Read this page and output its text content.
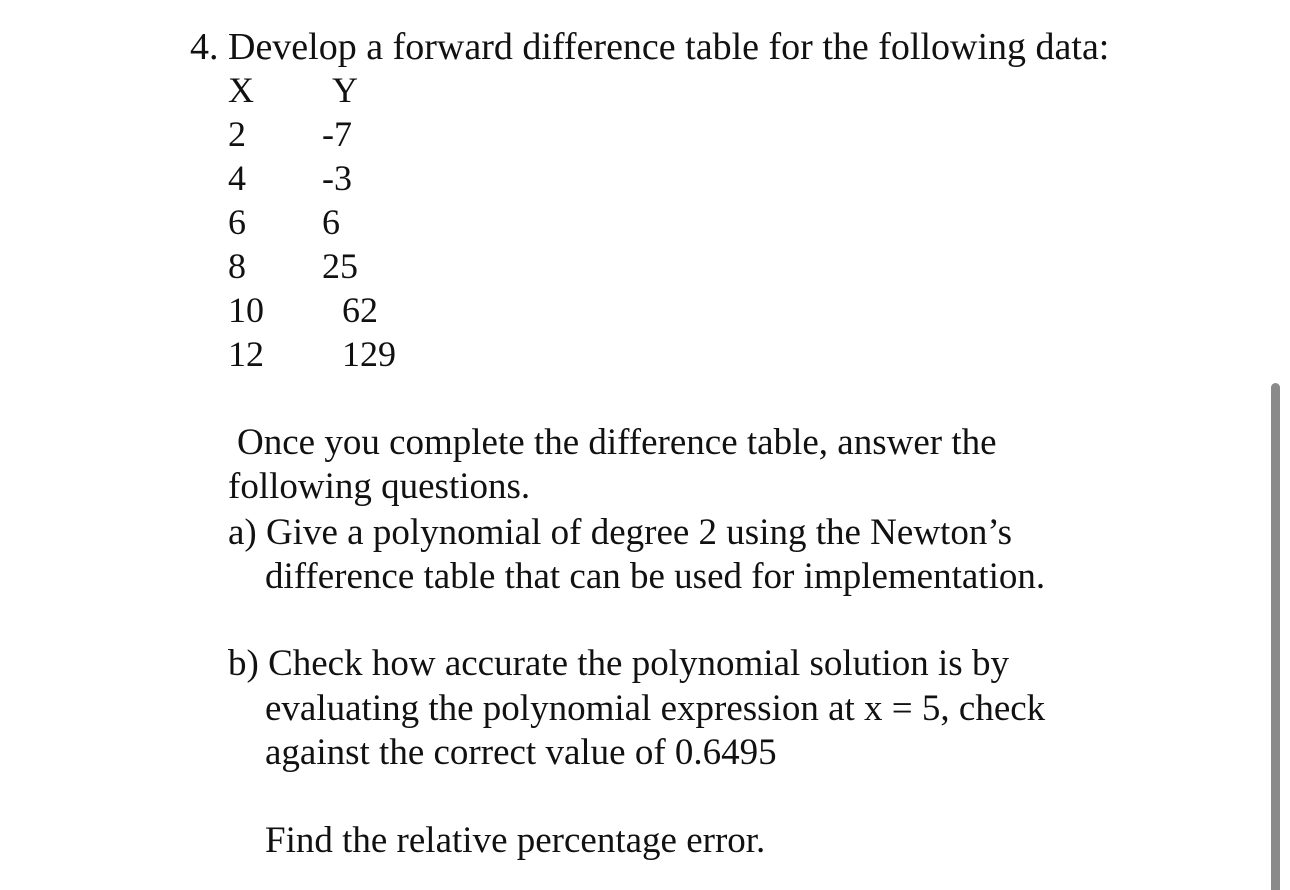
4. Develop a forward difference table for the following data:
X Y
2 -7
4 -3
6 6
8 25
10 62
12 129
Once you complete the difference table, answer the
following questions.
a) Give a polynomial of degree 2 using the Newton’s
difference table that can be used for implementation.
b) Check how accurate the polynomial solution is by
evaluating the polynomial expression at x = 5, check
against the correct value of 0.6495
Find the relative percentage error.
